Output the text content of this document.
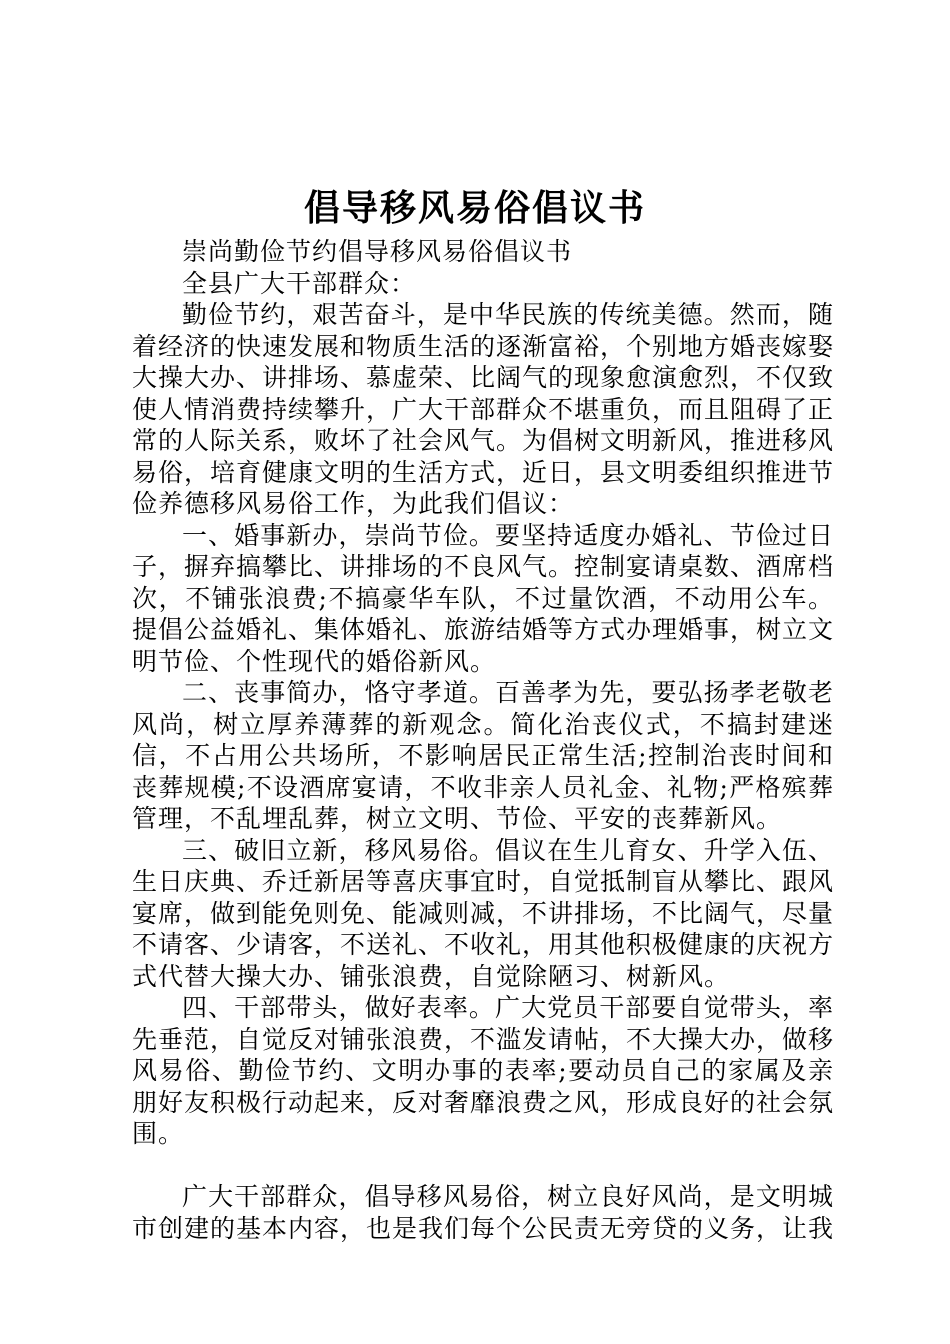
倡导移风易俗倡议书

崇尚勤俭节约倡导移风易俗倡议书

全县广大干部群众：

勤俭节约，艰苦奋斗，是中华民族的传统美德。然而，随着经济的快速发展和物质生活的逐渐富裕，个别地方婚丧嫁娶大操大办、讲排场、慕虚荣、比阔气的现象愈演愈烈，不仅致使人情消费持续攀升，广大干部群众不堪重负，而且阻碍了正常的人际关系，败坏了社会风气。为倡树文明新风，推进移风易俗，培育健康文明的生活方式，近日，县文明委组织推进节俭养德移风易俗工作，为此我们倡议：

一、婚事新办，崇尚节俭。要坚持适度办婚礼、节俭过日子，摒弃搞攀比、讲排场的不良风气。控制宴请桌数、酒席档次，不铺张浪费;不搞豪华车队，不过量饮酒，不动用公车。提倡公益婚礼、集体婚礼、旅游结婚等方式办理婚事，树立文明节俭、个性现代的婚俗新风。

二、丧事简办，恪守孝道。百善孝为先，要弘扬孝老敬老风尚，树立厚养薄葬的新观念。简化治丧仪式，不搞封建迷信，不占用公共场所，不影响居民正常生活;控制治丧时间和丧葬规模;不设酒席宴请，不收非亲人员礼金、礼物;严格殡葬管理，不乱埋乱葬，树立文明、节俭、平安的丧葬新风。

三、破旧立新，移风易俗。倡议在生儿育女、升学入伍、生日庆典、乔迁新居等喜庆事宜时，自觉抵制盲从攀比、跟风宴席，做到能免则免、能减则减，不讲排场，不比阔气，尽量不请客、少请客，不送礼、不收礼，用其他积极健康的庆祝方式代替大操大办、铺张浪费，自觉除陋习、树新风。

四、干部带头，做好表率。广大党员干部要自觉带头，率先垂范，自觉反对铺张浪费，不滥发请帖，不大操大办，做移风易俗、勤俭节约、文明办事的表率;要动员自己的家属及亲朋好友积极行动起来，反对奢靡浪费之风，形成良好的社会氛围。

广大干部群众，倡导移风易俗，树立良好风尚，是文明城市创建的基本内容，也是我们每个公民责无旁贷的义务，让我
